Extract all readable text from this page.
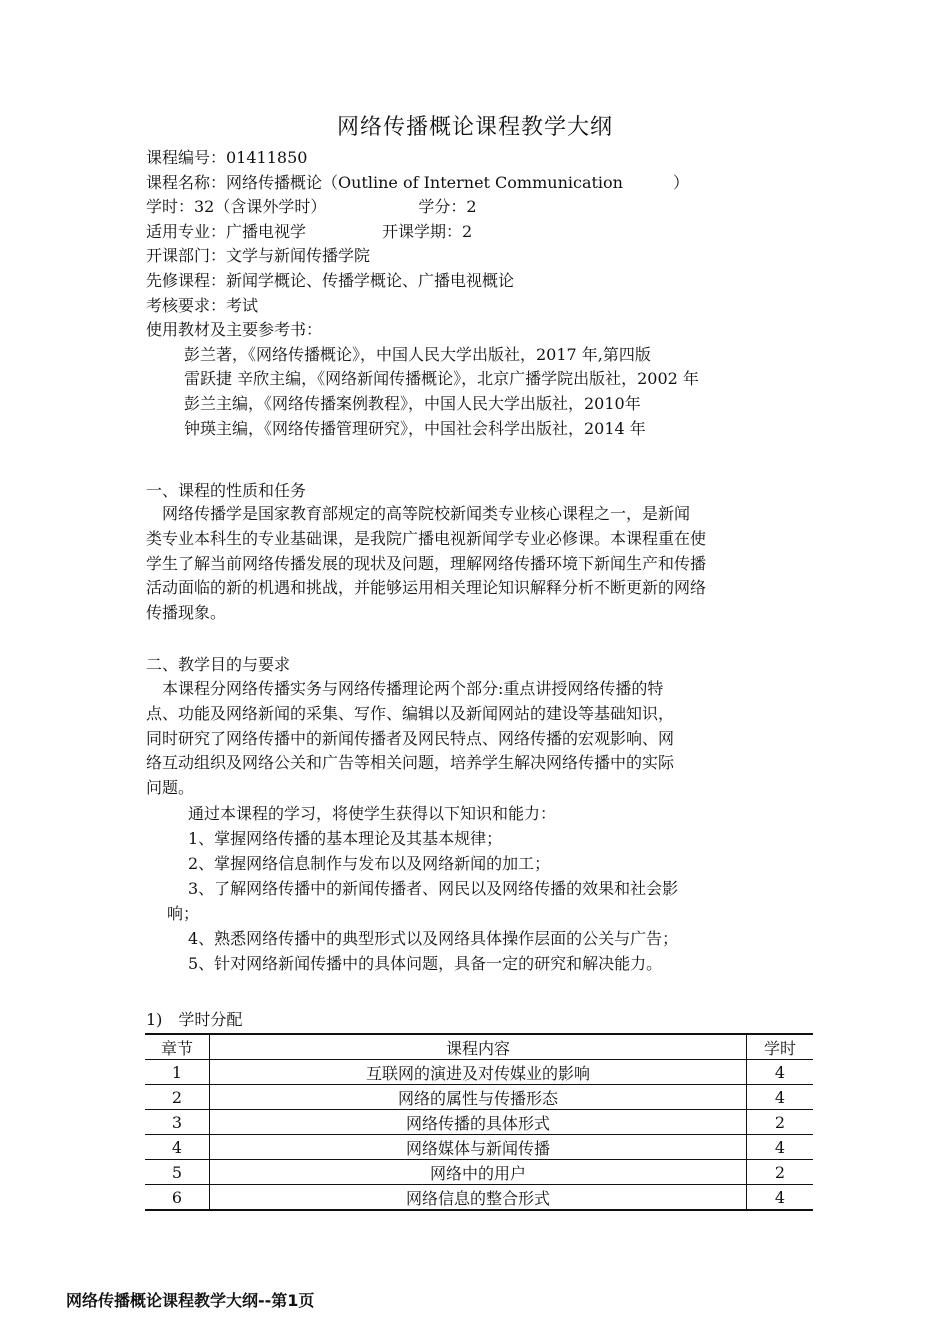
网络传播概论课程教学大纲
课程编号：01411850
课程名称：网络传播概论（Outline of Internet Communication	）
学时：32（含课外学时）	学分：2
适用专业：广播电视学	开课学期：2
开课部门：文学与新闻传播学院
先修课程：新闻学概论、传播学概论、广播电视概论
考核要求：考试
使用教材及主要参考书：
彭兰著，《网络传播概论》，中国人民大学出版社，2017 年,第四版
雷跃捷 辛欣主编，《网络新闻传播概论》，北京广播学院出版社，2002 年
彭兰主编，《网络传播案例教程》，中国人民大学出版社，2010年
钟瑛主编，《网络传播管理研究》，中国社会科学出版社，2014 年
一、课程的性质和任务
　网络传播学是国家教育部规定的高等院校新闻类专业核心课程之一，是新闻
类专业本科生的专业基础课，是我院广播电视新闻学专业必修课。本课程重在使
学生了解当前网络传播发展的现状及问题，理解网络传播环境下新闻生产和传播
活动面临的新的机遇和挑战，并能够运用相关理论知识解释分析不断更新的网络
传播现象。
二、教学目的与要求
　本课程分网络传播实务与网络传播理论两个部分:重点讲授网络传播的特
点、功能及网络新闻的采集、写作、编辑以及新闻网站的建设等基础知识，
同时研究了网络传播中的新闻传播者及网民特点、网络传播的宏观影响、网
络互动组织及网络公关和广告等相关问题，培养学生解决网络传播中的实际
问题。
通过本课程的学习，将使学生获得以下知识和能力：
1、掌握网络传播的基本理论及其基本规律；
2、掌握网络信息制作与发布以及网络新闻的加工；
3、了解网络传播中的新闻传播者、网民以及网络传播的效果和社会影
响；
4、熟悉网络传播中的典型形式以及网络具体操作层面的公关与广告；
5、针对网络新闻传播中的具体问题，具备一定的研究和解决能力。
1)　学时分配
章节	课程内容	学时
1	互联网的演进及对传媒业的影响	4
2	网络的属性与传播形态	4
3	网络传播的具体形式	2
4	网络媒体与新闻传播	4
5	网络中的用户	2
6	网络信息的整合形式	4
网络传播概论课程教学大纲--第1页
